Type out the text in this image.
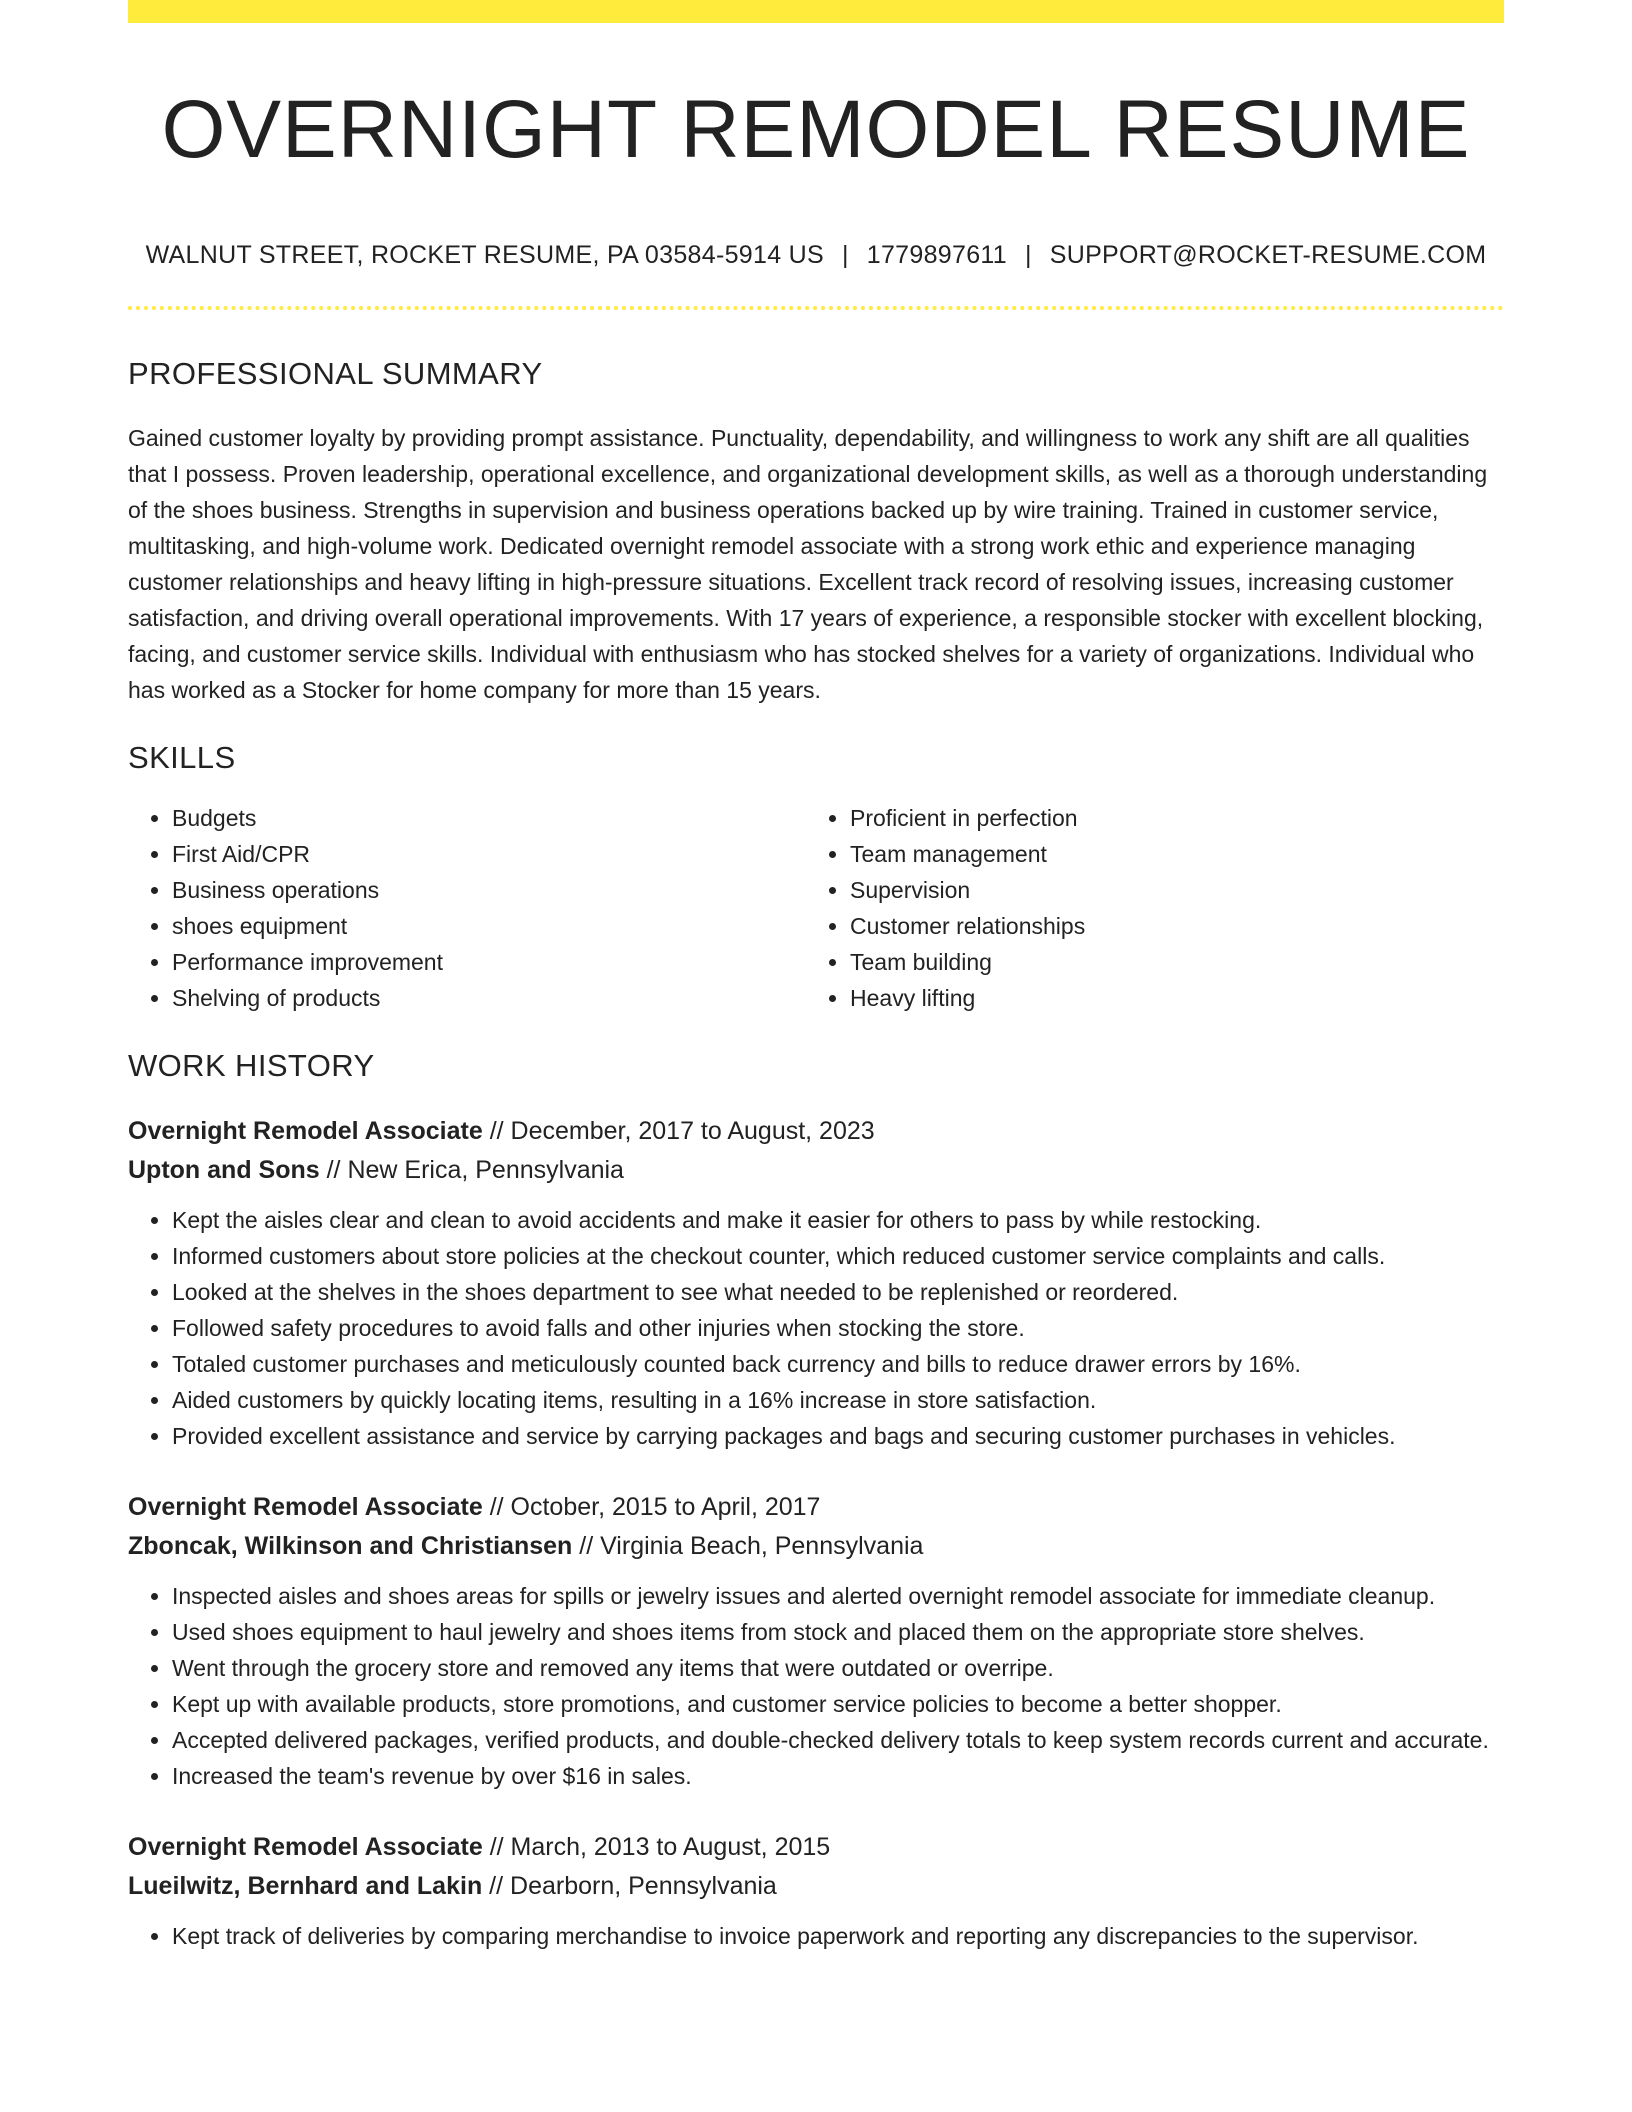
OVERNIGHT REMODEL RESUME
WALNUT STREET, ROCKET RESUME, PA 03584-5914 US | 1779897611 | SUPPORT@ROCKET-RESUME.COM
PROFESSIONAL SUMMARY

Gained customer loyalty by providing prompt assistance. Punctuality, dependability, and willingness to work any shift are all qualities that I possess. Proven leadership, operational excellence, and organizational development skills, as well as a thorough understanding of the shoes business. Strengths in supervision and business operations backed up by wire training. Trained in customer service, multitasking, and high-volume work. Dedicated overnight remodel associate with a strong work ethic and experience managing customer relationships and heavy lifting in high-pressure situations. Excellent track record of resolving issues, increasing customer satisfaction, and driving overall operational improvements. With 17 years of experience, a responsible stocker with excellent blocking, facing, and customer service skills. Individual with enthusiasm who has stocked shelves for a variety of organizations. Individual who has worked as a Stocker for home company for more than 15 years.

SKILLS
• Budgets
• First Aid/CPR
• Business operations
• shoes equipment
• Performance improvement
• Shelving of products
• Proficient in perfection
• Team management
• Supervision
• Customer relationships
• Team building
• Heavy lifting
WORK HISTORY
Overnight Remodel Associate // December, 2017 to August, 2023
Upton and Sons // New Erica, Pennsylvania
• Kept the aisles clear and clean to avoid accidents and make it easier for others to pass by while restocking.
• Informed customers about store policies at the checkout counter, which reduced customer service complaints and calls.
• Looked at the shelves in the shoes department to see what needed to be replenished or reordered.
• Followed safety procedures to avoid falls and other injuries when stocking the store.
• Totaled customer purchases and meticulously counted back currency and bills to reduce drawer errors by 16%.
• Aided customers by quickly locating items, resulting in a 16% increase in store satisfaction.
• Provided excellent assistance and service by carrying packages and bags and securing customer purchases in vehicles.
Overnight Remodel Associate // October, 2015 to April, 2017
Zboncak, Wilkinson and Christiansen // Virginia Beach, Pennsylvania
• Inspected aisles and shoes areas for spills or jewelry issues and alerted overnight remodel associate for immediate cleanup.
• Used shoes equipment to haul jewelry and shoes items from stock and placed them on the appropriate store shelves.
• Went through the grocery store and removed any items that were outdated or overripe.
• Kept up with available products, store promotions, and customer service policies to become a better shopper.
• Accepted delivered packages, verified products, and double-checked delivery totals to keep system records current and accurate.
• Increased the team's revenue by over $16 in sales.
Overnight Remodel Associate // March, 2013 to August, 2015
Lueilwitz, Bernhard and Lakin // Dearborn, Pennsylvania
• Kept track of deliveries by comparing merchandise to invoice paperwork and reporting any discrepancies to the supervisor.
